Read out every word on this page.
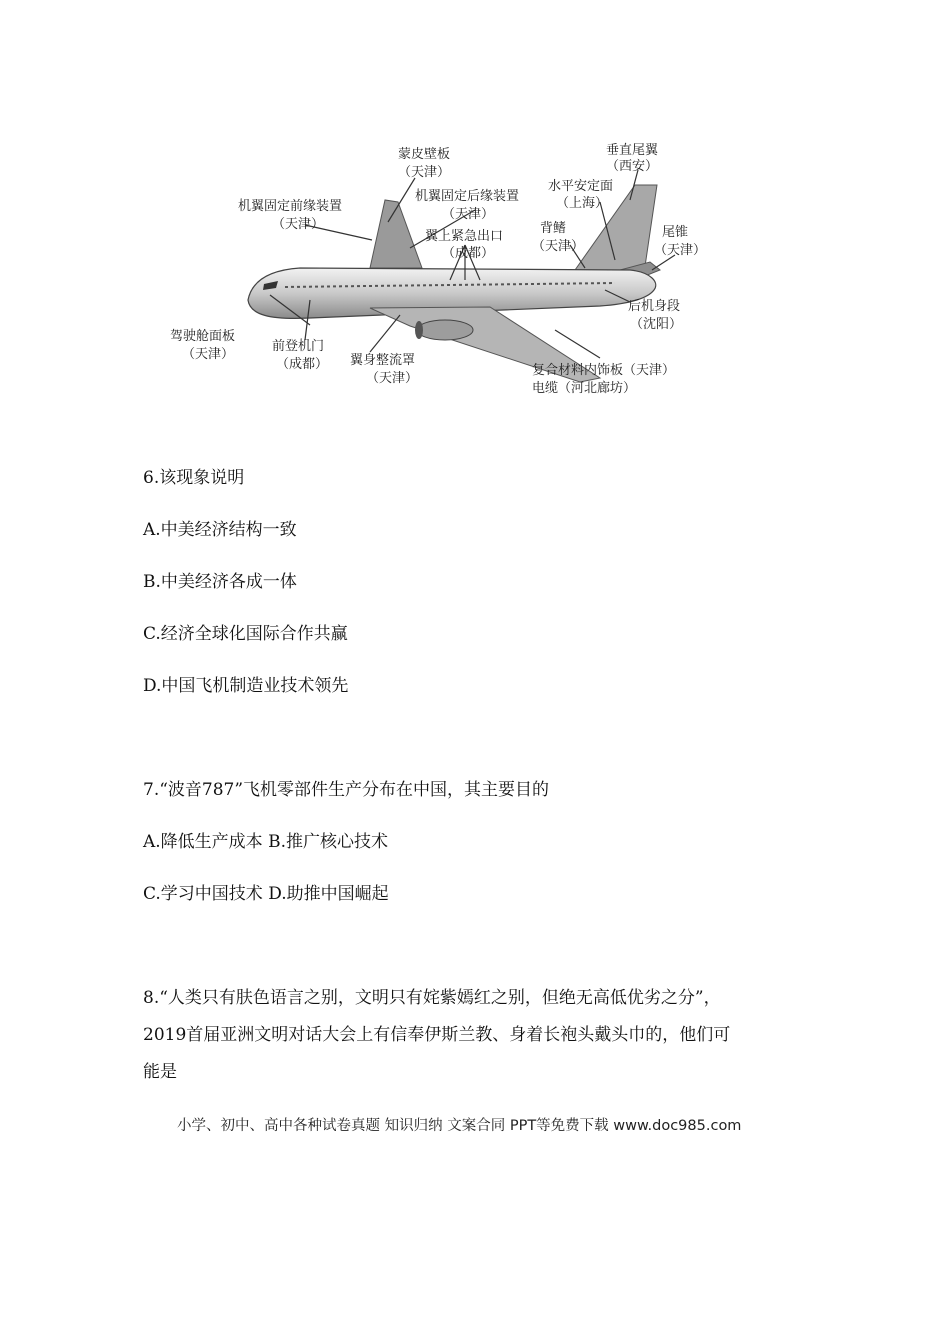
蒙皮壁板
（天津）
垂直尾翼
（西安）
机翼固定前缘装置
（天津）
机翼固定后缘装置
（天津）
水平安定面
（上海）
翼上紧急出口
（成都）
背鳍
（天津）
尾锥
（天津）
后机身段
（沈阳）
驾驶舱面板
（天津）
前登机门
（成都） 翼身整流罩
（天津）
复合材料内饰板（天津）
电缆（河北廊坊）
6.该现象说明
A.中美经济结构一致
B.中美经济各成一体
C.经济全球化国际合作共赢
D.中国飞机制造业技术领先
7.“波音787”飞机零部件生产分布在中国，其主要目的
A.降低生产成本 B.推广核心技术
C.学习中国技术 D.助推中国崛起
8.“人类只有肤色语言之别，文明只有姹紫嫣红之别，但绝无高低优劣之分”，
2019首届亚洲文明对话大会上有信奉伊斯兰教、身着长袍头戴头巾的，他们可
能是
小学、初中、高中各种试卷真题 知识归纳 文案合同 PPT等免费下载 www.doc985.com
